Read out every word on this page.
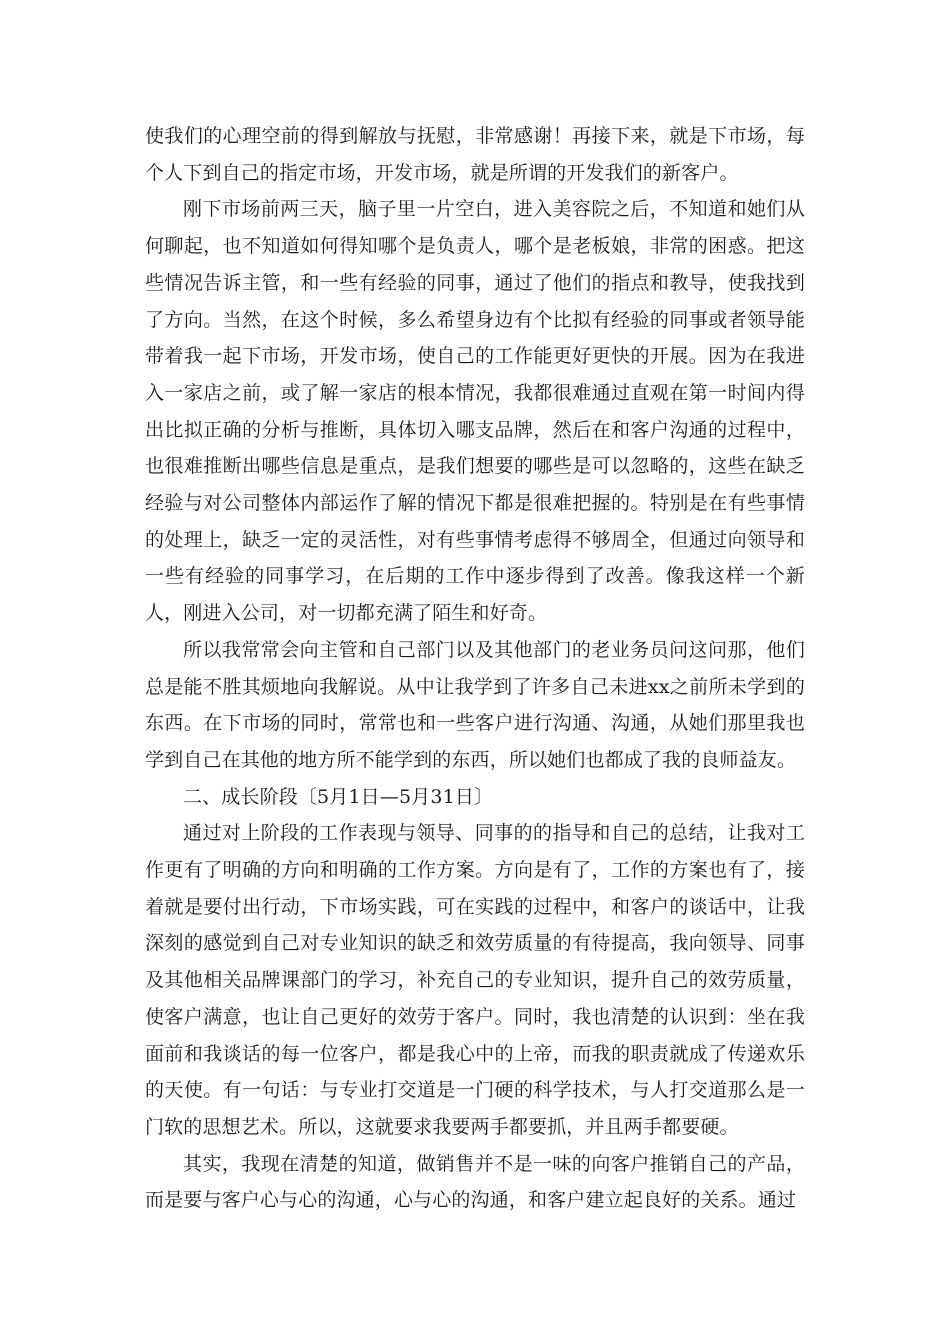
使我们的心理空前的得到解放与抚慰，非常感谢！再接下来，就是下市场，每个人下到自己的指定市场，开发市场，就是所谓的开发我们的新客户。

刚下市场前两三天，脑子里一片空白，进入美容院之后，不知道和她们从何聊起，也不知道如何得知哪个是负责人，哪个是老板娘，非常的困惑。把这些情况告诉主管，和一些有经验的同事，通过了他们的指点和教导，使我找到了方向。当然，在这个时候，多么希望身边有个比拟有经验的同事或者领导能带着我一起下市场，开发市场，使自己的工作能更好更快的开展。因为在我进入一家店之前，或了解一家店的根本情况，我都很难通过直观在第一时间内得出比拟正确的分析与推断，具体切入哪支品牌，然后在和客户沟通的过程中，也很难推断出哪些信息是重点，是我们想要的哪些是可以忽略的，这些在缺乏经验与对公司整体内部运作了解的情况下都是很难把握的。特别是在有些事情的处理上，缺乏一定的灵活性，对有些事情考虑得不够周全，但通过向领导和一些有经验的同事学习，在后期的工作中逐步得到了改善。像我这样一个新人，刚进入公司，对一切都充满了陌生和好奇。

所以我常常会向主管和自己部门以及其他部门的老业务员问这问那，他们总是能不胜其烦地向我解说。从中让我学到了许多自己未进xx之前所未学到的东西。在下市场的同时，常常也和一些客户进行沟通、沟通，从她们那里我也学到自己在其他的地方所不能学到的东西，所以她们也都成了我的良师益友。

二、成长阶段〔5月1日—5月31日〕

通过对上阶段的工作表现与领导、同事的的指导和自己的总结，让我对工作更有了明确的方向和明确的工作方案。方向是有了，工作的方案也有了，接着就是要付出行动，下市场实践，可在实践的过程中，和客户的谈话中，让我深刻的感觉到自己对专业知识的缺乏和效劳质量的有待提高，我向领导、同事及其他相关品牌课部门的学习，补充自己的专业知识，提升自己的效劳质量，使客户满意，也让自己更好的效劳于客户。同时，我也清楚的认识到：坐在我面前和我谈话的每一位客户，都是我心中的上帝，而我的职责就成了传递欢乐的天使。有一句话：与专业打交道是一门硬的科学技术，与人打交道那么是一门软的思想艺术。所以，这就要求我要两手都要抓，并且两手都要硬。

其实，我现在清楚的知道，做销售并不是一味的向客户推销自己的产品，而是要与客户心与心的沟通，心与心的沟通，和客户建立起良好的关系。通过
